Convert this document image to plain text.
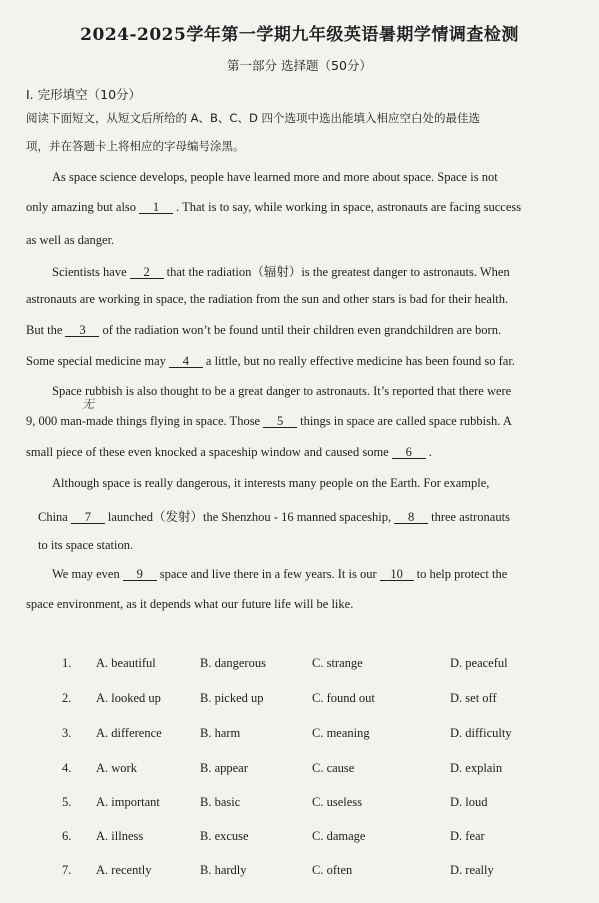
2024-2025学年第一学期九年级英语暑期学情调查检测
第一部分 选择题（50分）
I. 完形填空（10分）
阅读下面短文，从短文后所给的 A、B、C、D 四个选项中选出能填入相应空白处的最佳选
项，并在答题卡上将相应的字母编号涂黑。
As space science develops, people have learned more and more about space. Space is not
only amazing but also 1 . That is to say, while working in space, astronauts are facing success
as well as danger.
Scientists have 2 that the radiation（辐射）is the greatest danger to astronauts. When
astronauts are working in space, the radiation from the sun and other stars is bad for their health.
But the 3 of the radiation won’t be found until their children even grandchildren are born.
Some special medicine may 4 a little, but no really effective medicine has been found so far.
Space rubbish is also thought to be a great danger to astronauts. It’s reported that there were
无
9, 000 man-made things flying in space. Those 5 things in space are called space rubbish. A
small piece of these even knocked a spaceship window and caused some 6 .
Although space is really dangerous, it interests many people on the Earth. For example,
China 7 launched（发射）the Shenzhou - 16 manned spaceship, 8 three astronauts
to its space station.
We may even 9 space and live there in a few years. It is our 10 to help protect the
space environment, as it depends what our future life will be like.
1. A. beautiful	B. dangerous	C. strange	D. peaceful
2. A. looked up	B. picked up	C. found out	D. set off
3. A. difference	B. harm	C. meaning	D. difficulty
4. A. work	B. appear	C. cause	D. explain
5. A. important	B. basic	C. useless	D. loud
6. A. illness	B. excuse	C. damage	D. fear
7. A. recently	B. hardly	C. often	D. really
